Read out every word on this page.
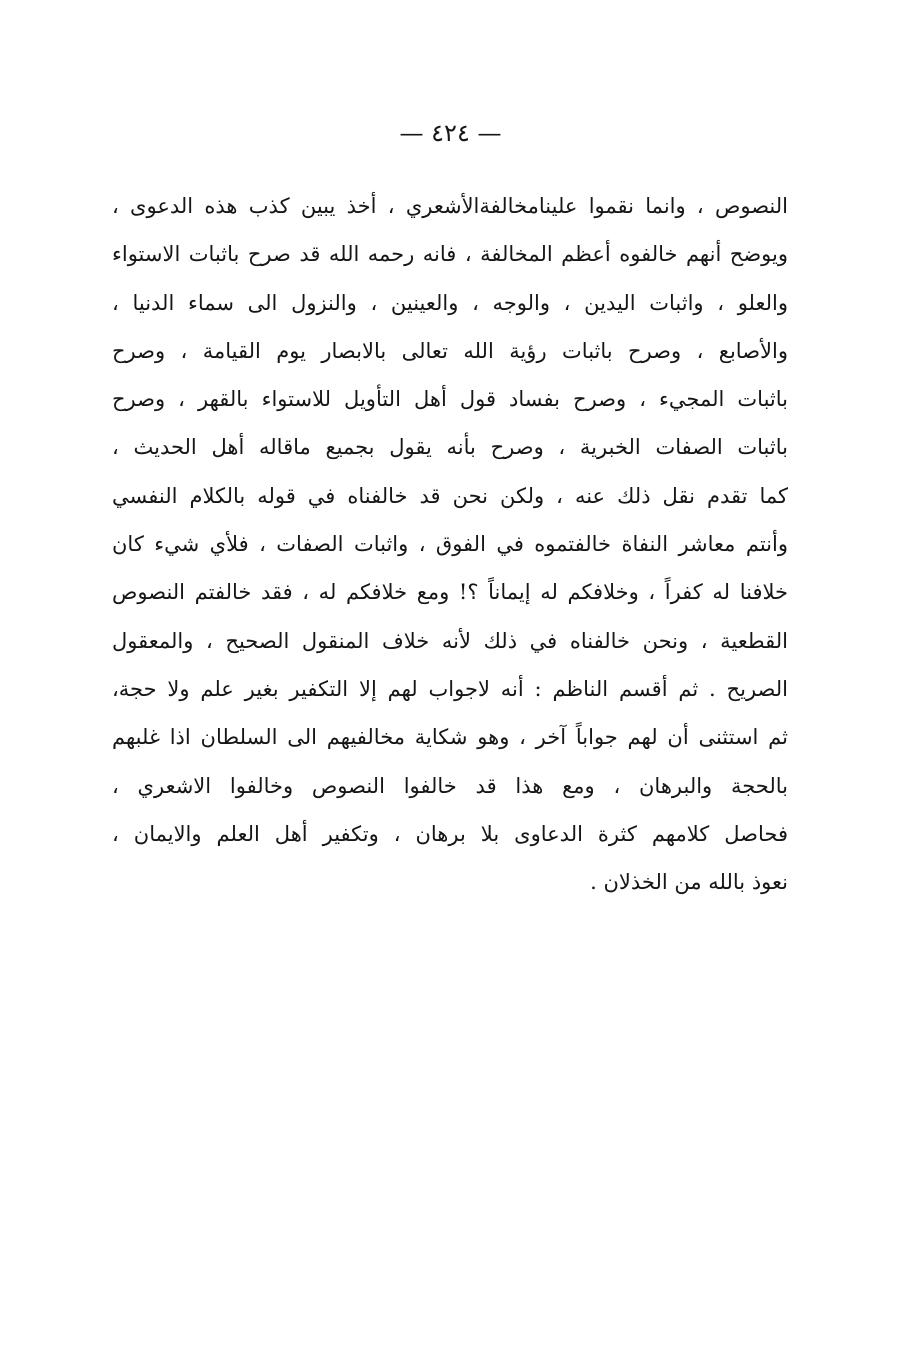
— ٤٢٤ —
النصوص ، وانما نقموا علينامخالفةالأشعري ، أخذ يبين كذب هذه الدعوى ،
ويوضح أنهم خالفوه أعظم المخالفة ، فانه رحمه الله قد صرح باثبات الاستواء
والعلو ، واثبات اليدين ، والوجه ، والعينين ، والنزول الى سماء الدنيا ،
والأصابع ، وصرح باثبات رؤية الله تعالى بالابصار يوم القيامة ، وصرح
باثبات المجيء ، وصرح بفساد قول أهل التأويل للاستواء بالقهر ، وصرح
باثبات الصفات الخبرية ، وصرح بأنه يقول بجميع ماقاله أهل الحديث ،
كما تقدم نقل ذلك عنه ، ولكن نحن قد خالفناه في قوله بالكلام النفسي
وأنتم معاشر النفاة خالفتموه في الفوق ، واثبات الصفات ، فلأي شيء كان
خلافنا له كفراً ، وخلافكم له إيماناً ؟! ومع خلافكم له ، فقد خالفتم النصوص
القطعية ، ونحن خالفناه في ذلك لأنه خلاف المنقول الصحيح ، والمعقول
الصريح . ثم أقسم الناظم : أنه لاجواب لهم إلا التكفير بغير علم ولا حجة،
ثم استثنى أن لهم جواباً آخر ، وهو شكاية مخالفيهم الى السلطان اذا غلبهم
بالحجة والبرهان ، ومع هذا قد خالفوا النصوص وخالفوا الاشعري ،
فحاصل كلامهم كثرة الدعاوى بلا برهان ، وتكفير أهل العلم والايمان ،
نعوذ بالله من الخذلان .
